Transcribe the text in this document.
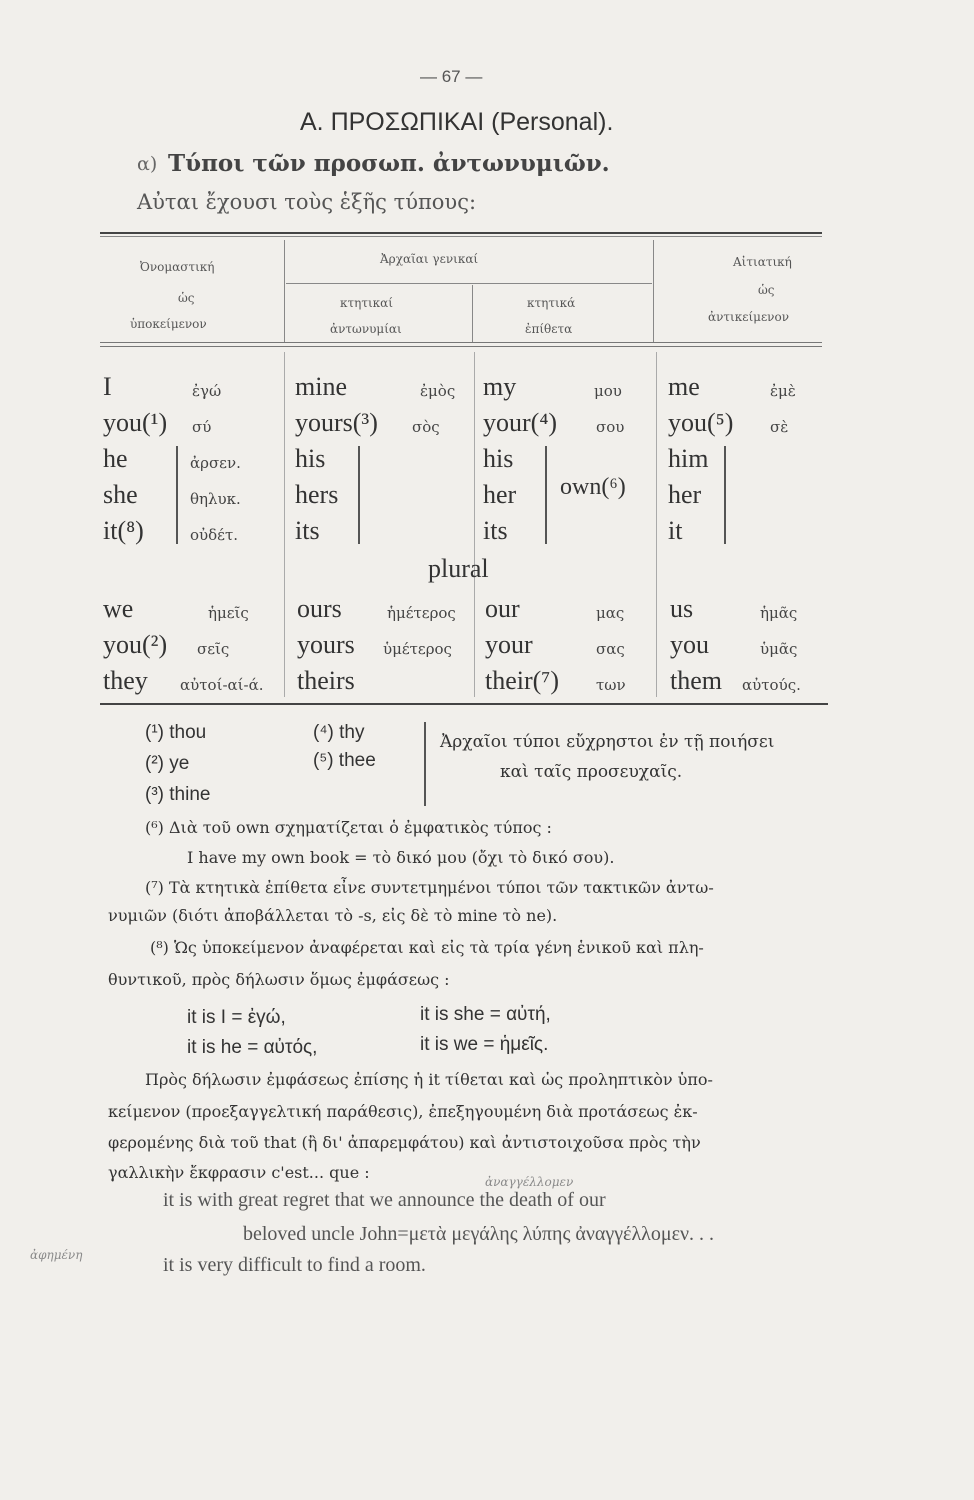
— 67 —
A. ΠΡΟΣΩΠΙΚΑΙ (Personal).
α) Τύποι τῶν προσωπ. ἀντωνυμιῶν.
Αὐται ἔχουσι τοὺς ἑξῆς τύπους:
Ὀνομαστική
ὡς
ὑποκείμενον
Ἀρχαῖαι γενικαί
κτητικαί
ἀντωνυμίαι
κτητικά
ἐπίθετα
Αἰτιατική
ὡς
ἀντικείμενον
I
you(¹)
he
she
it(⁸)
ἐγώ
σύ
ἀρσεν.
θηλυκ.
οὐδέτ.
mine
yours(³)
his
hers
its
ἐμὸς
σὸς
my
your(⁴)
his
her
its
μου
σου
own(⁶)
me
you(⁵)
him
her
it
ἐμὲ
σὲ
plural
we
you(²)
they
ἡμεῖς
σεῖς
αὐτοί-αί-ά.
ours
yours
theirs
ἡμέτερος
ὑμέτερος
our
your
their(⁷)
μας
σας
των
us
you
them
ἡμᾶς
ὑμᾶς
αὐτούς.
(¹) thou
(²) ye
(³) thine
(⁴) thy
(⁵) thee
Ἀρχαῖοι τύποι εὔχρηστοι ἐν τῇ ποιήσει
καὶ ταῖς προσευχαῖς.
(⁶) Διὰ τοῦ own σχηματίζεται ὁ ἐμφατικὸς τύπος :
I have my own book = τὸ δικό μου (ὄχι τὸ δικό σου).
(⁷) Τὰ κτητικὰ ἐπίθετα εἶνε συντετμημένοι τύποι τῶν τακτικῶν ἀντω-
νυμιῶν (διότι ἀποβάλλεται τὸ -s, εἰς δὲ τὸ mine τὸ ne).
(⁸) Ὡς ὑποκείμενον ἀναφέρεται καὶ εἰς τὰ τρία γένη ἑνικοῦ καὶ πλη-
θυντικοῦ, πρὸς δήλωσιν ὅμως ἐμφάσεως :
it is I = ἐγώ,	it is she = αὐτή,
it is he = αὐτός,	it is we = ἡμεῖς.
Πρὸς δήλωσιν ἐμφάσεως ἐπίσης ἡ it τίθεται καὶ ὡς προληπτικὸν ὑπο-
κείμενον (προεξαγγελτική παράθεσις), ἐπεξηγουμένη διὰ προτάσεως ἐκ-
φερομένης διὰ τοῦ that (ἢ δι' ἀπαρεμφάτου) καὶ ἀντιστοιχοῦσα πρὸς τὴν
γαλλικὴν ἔκφρασιν c'est... que :
it is with great regret that we announce the death of our
beloved uncle John=μετὰ μεγάλης λύπης ἀναγγέλλομεν. . .
it is very difficult to find a room.
ἀφημένη
ἀναγγέλλομεν
